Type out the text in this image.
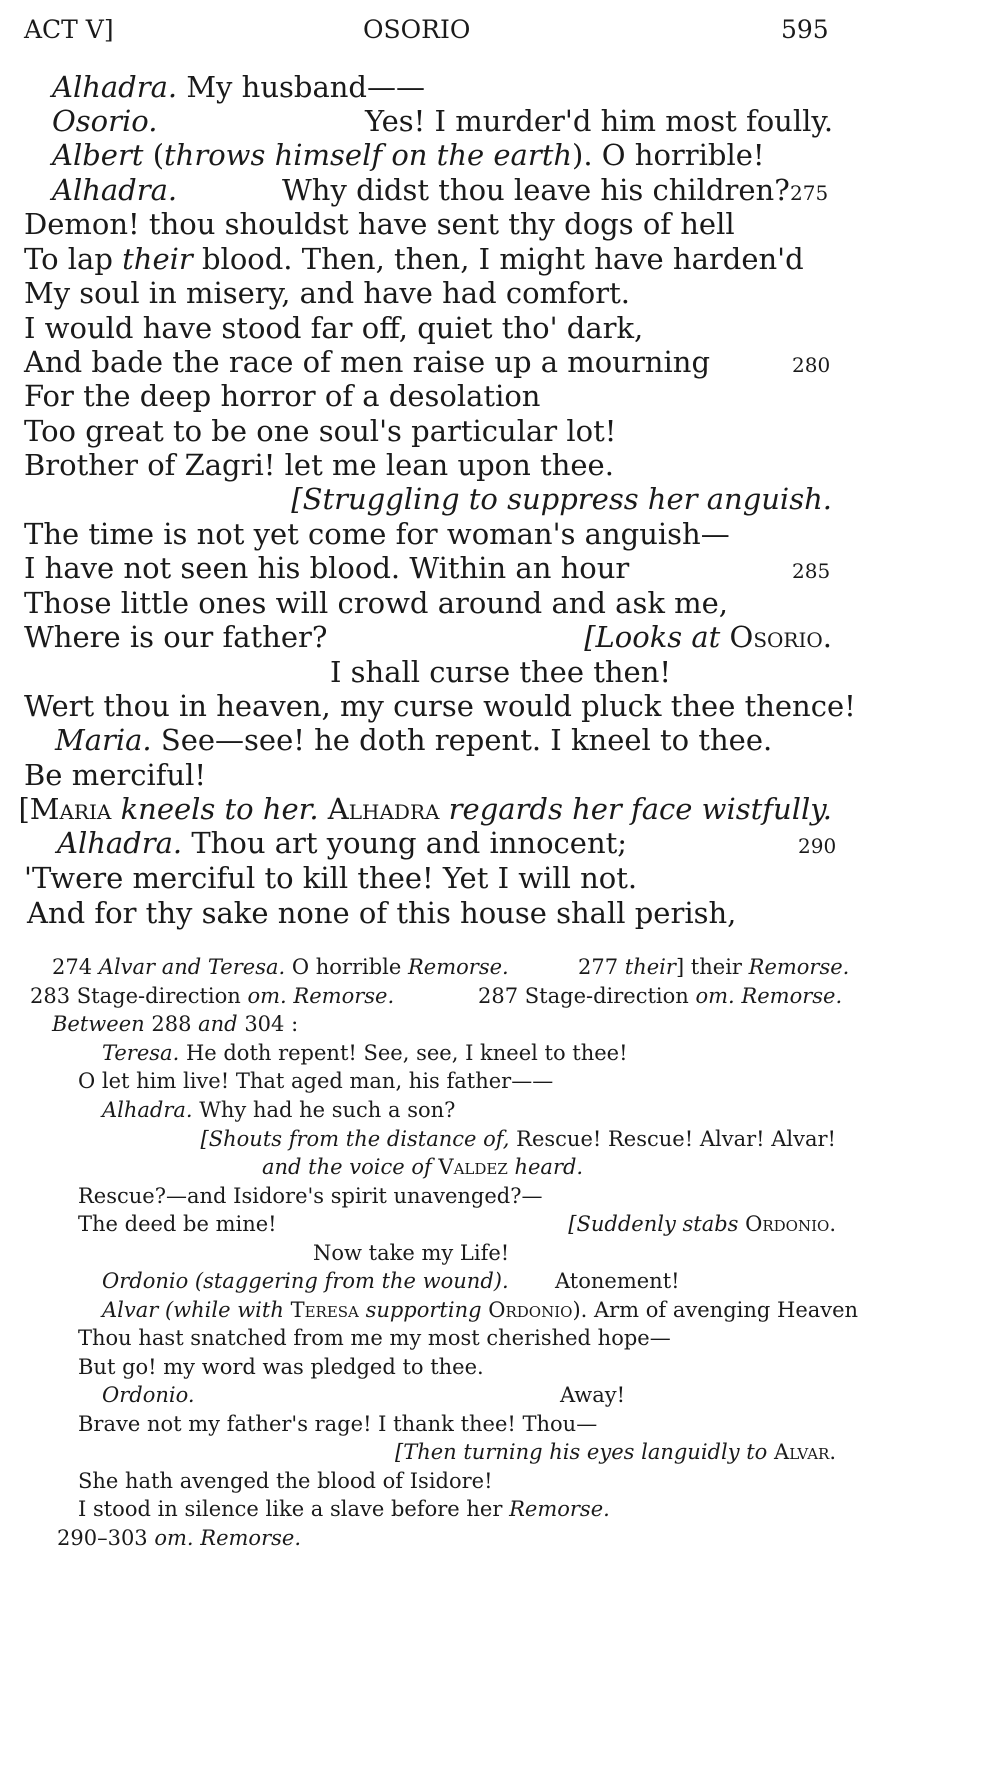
ACT V]	OSORIO	595
Alhadra. My husband——
Osorio.	Yes! I murder'd him most foully.
Albert (throws himself on the earth). O horrible!
Alhadra.	Why didst thou leave his children? 275
Demon! thou shouldst have sent thy dogs of hell
To lap their blood. Then, then, I might have harden'd
My soul in misery, and have had comfort.
I would have stood far off, quiet tho' dark,
And bade the race of men raise up a mourning	280
For the deep horror of a desolation
Too great to be one soul's particular lot!
Brother of Zagri! let me lean upon thee.
[Struggling to suppress her anguish.
The time is not yet come for woman's anguish—
I have not seen his blood. Within an hour	285
Those little ones will crowd around and ask me,
Where is our father?	[Looks at Osorio.
I shall curse thee then!
Wert thou in heaven, my curse would pluck thee thence!
Maria. See—see! he doth repent. I kneel to thee.
Be merciful!
[Maria kneels to her. Alhadra regards her face wistfully.
Alhadra. Thou art young and innocent;	290
'Twere merciful to kill thee! Yet I will not.
And for thy sake none of this house shall perish,
274 Alvar and Teresa. O horrible Remorse.	277 their] their Remorse.
283 Stage-direction om. Remorse.	287 Stage-direction om. Remorse.
Between 288 and 304 :
Teresa. He doth repent! See, see, I kneel to thee!
O let him live! That aged man, his father——
Alhadra. Why had he such a son?
[Shouts from the distance of, Rescue! Rescue! Alvar! Alvar!
and the voice of Valdez heard.
Rescue?—and Isidore's spirit unavenged?—
The deed be mine!	[Suddenly stabs Ordonio.
Now take my Life!
Ordonio (staggering from the wound). Atonement!
Alvar (while with Teresa supporting Ordonio). Arm of avenging Heaven
Thou hast snatched from me my most cherished hope—
But go! my word was pledged to thee.
Ordonio.	Away!
Brave not my father's rage! I thank thee! Thou—
[Then turning his eyes languidly to Alvar.
She hath avenged the blood of Isidore!
I stood in silence like a slave before her Remorse.
290–303 om. Remorse.
